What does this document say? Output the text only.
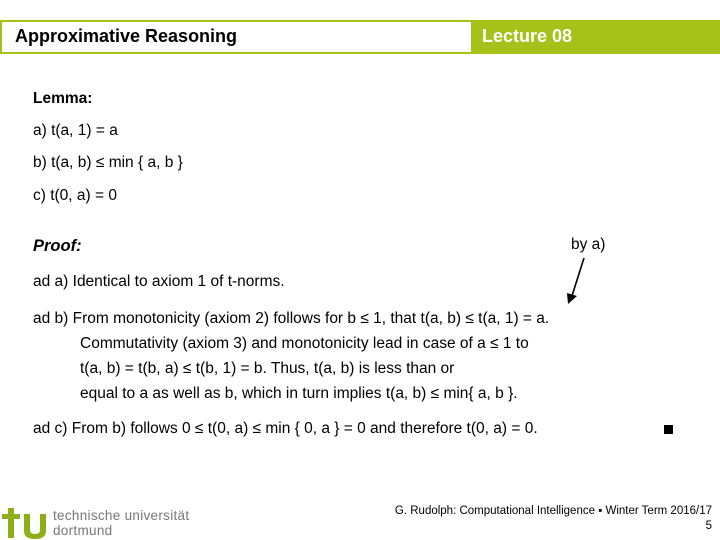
Approximative Reasoning	Lecture 08
Lemma:
a) t(a, 1) = a
b) t(a, b) ≤ min { a, b }
c) t(0, a) = 0
Proof:	by a)
ad a) Identical to axiom 1 of t-norms.
ad b) From monotonicity (axiom 2) follows for b ≤ 1, that t(a, b) ≤ t(a, 1) = a.
Commutativity (axiom 3) and monotonicity lead in case of a ≤ 1 to
t(a, b) = t(b, a) ≤ t(b, 1) = b. Thus, t(a, b) is less than or
equal to a as well as b, which in turn implies t(a, b) ≤ min{ a, b }.
ad c) From b) follows 0 ≤ t(0, a) ≤ min { 0, a } = 0 and therefore t(0, a) = 0.
technische universität
dortmund
G. Rudolph: Computational Intelligence ▪ Winter Term 2016/17
5
